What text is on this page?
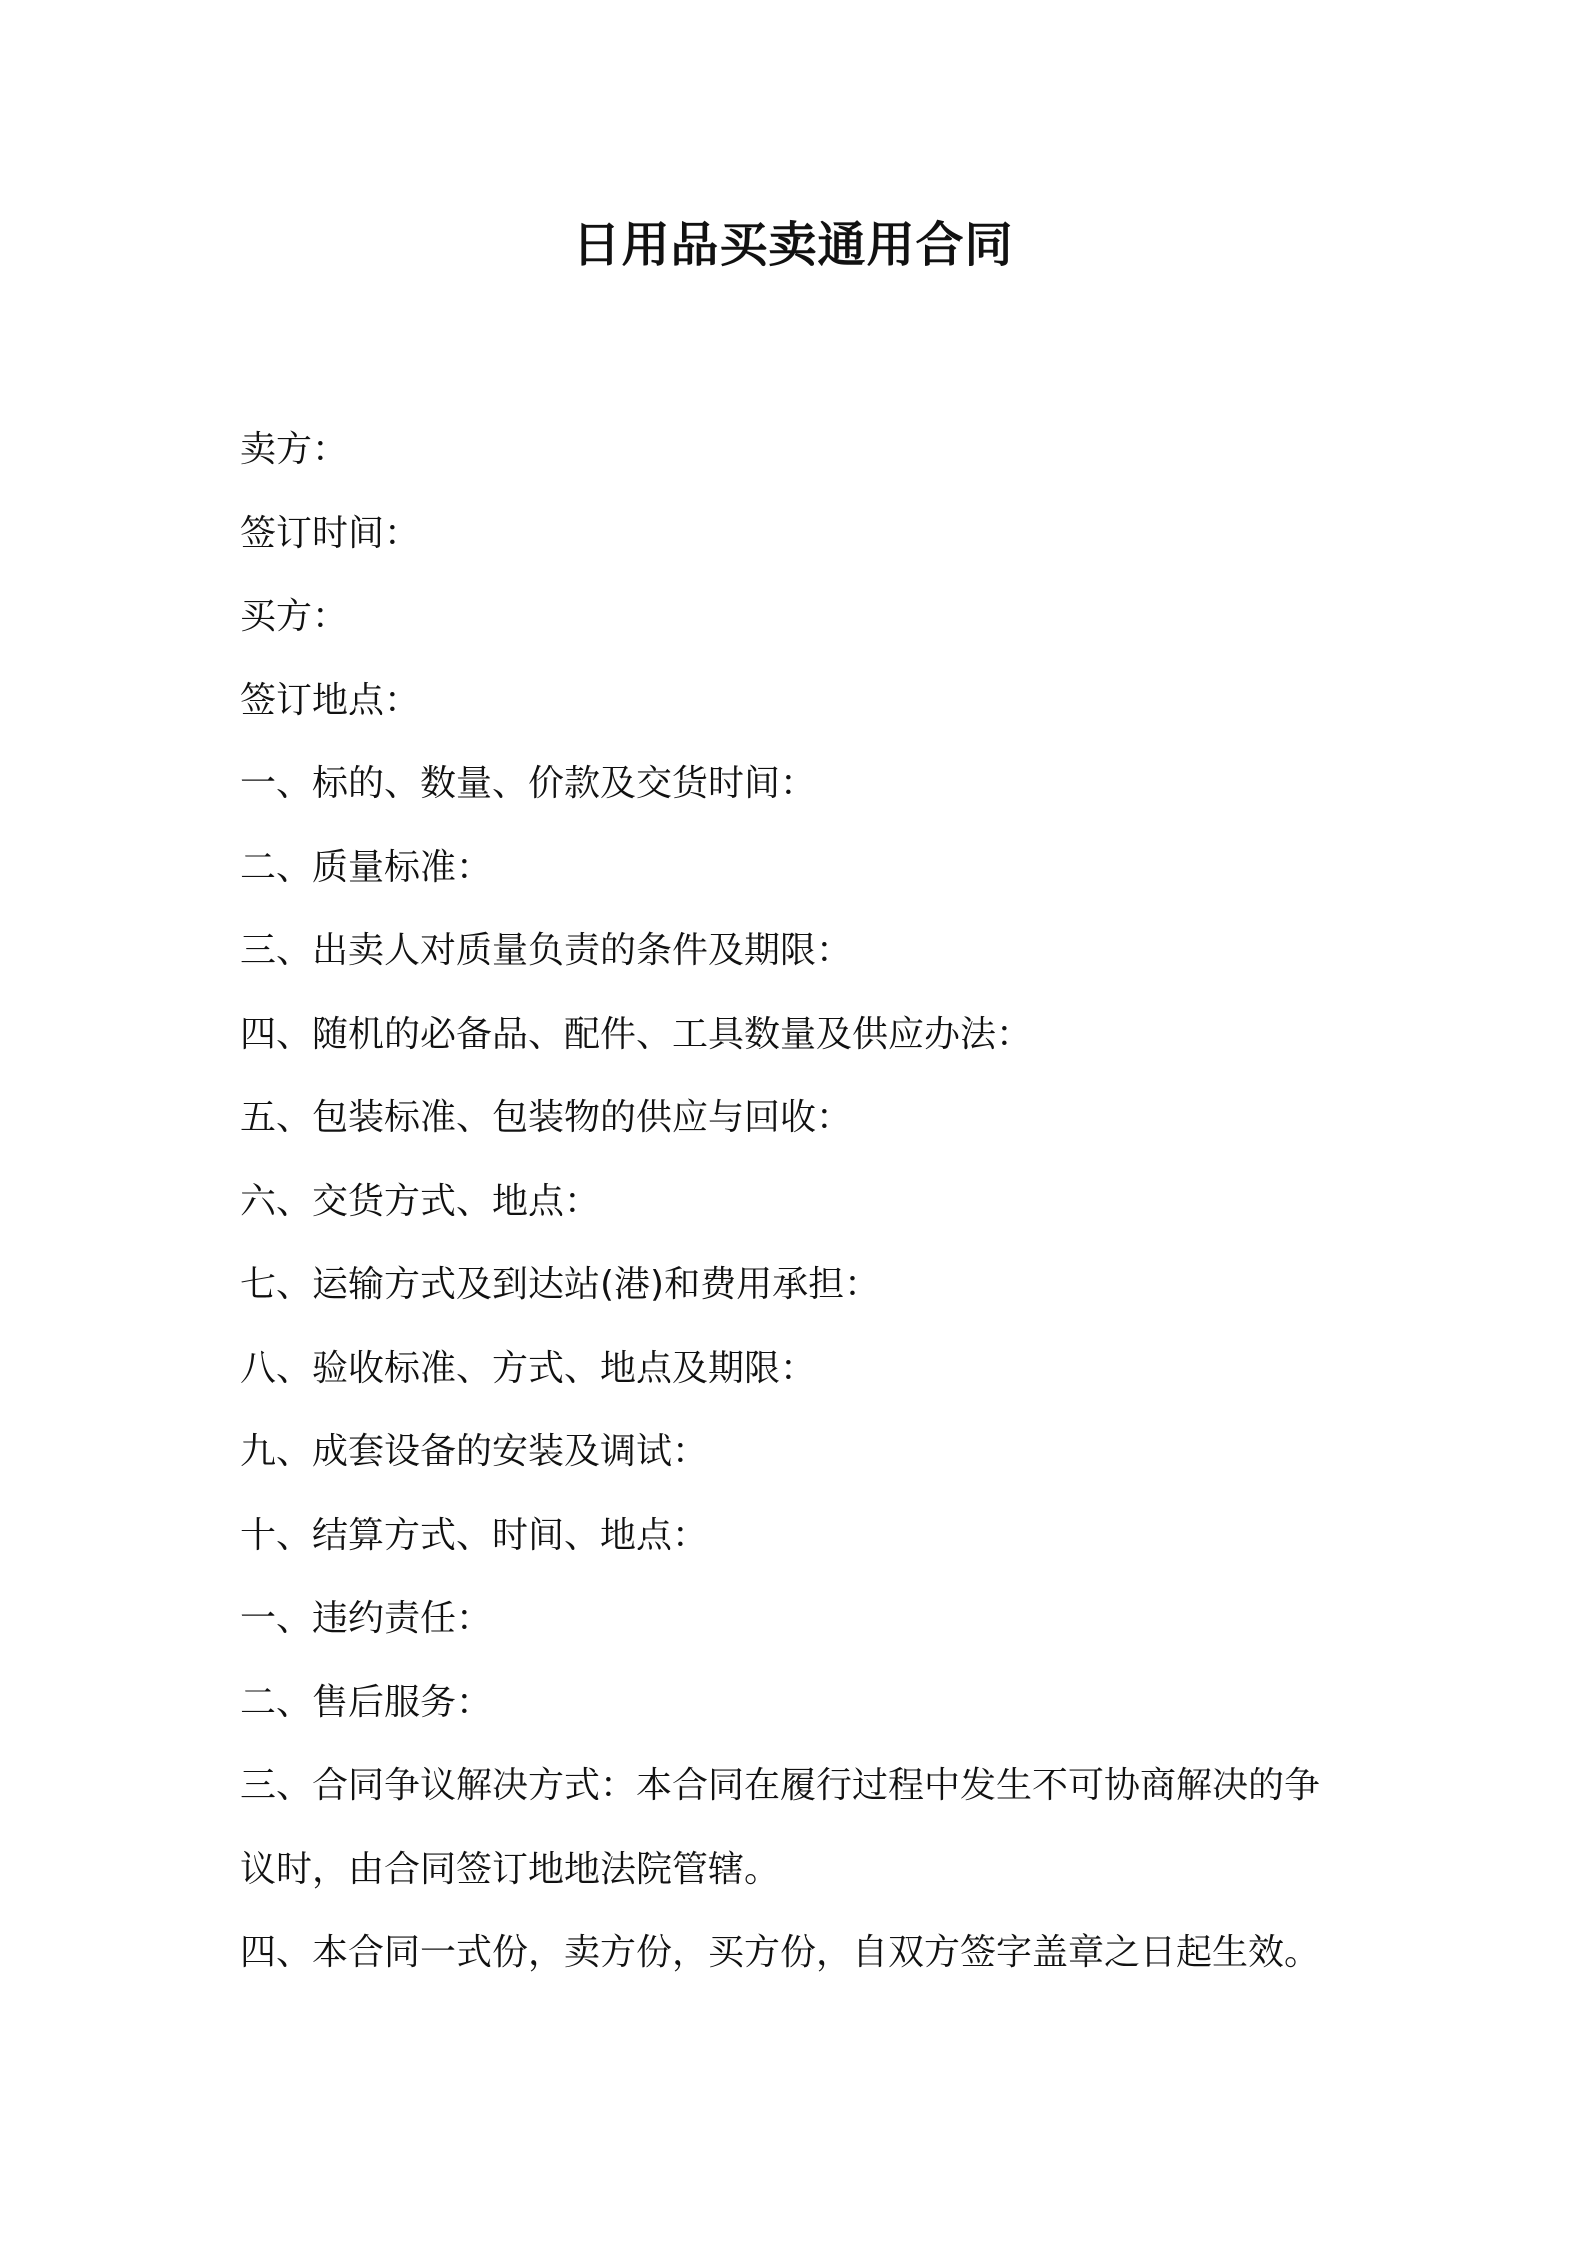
日用品买卖通用合同

卖方：

签订时间：

买方：

签订地点：

一、标的、数量、价款及交货时间：

二、质量标准：

三、出卖人对质量负责的条件及期限：

四、随机的必备品、配件、工具数量及供应办法：

五、包装标准、包装物的供应与回收：

六、交货方式、地点：

七、运输方式及到达站(港)和费用承担：

八、验收标准、方式、地点及期限：

九、成套设备的安装及调试：

十、结算方式、时间、地点：

一、违约责任：

二、售后服务：

三、合同争议解决方式：本合同在履行过程中发生不可协商解决的争

议时，由合同签订地地法院管辖。

四、本合同一式份，卖方份，买方份，自双方签字盖章之日起生效。
